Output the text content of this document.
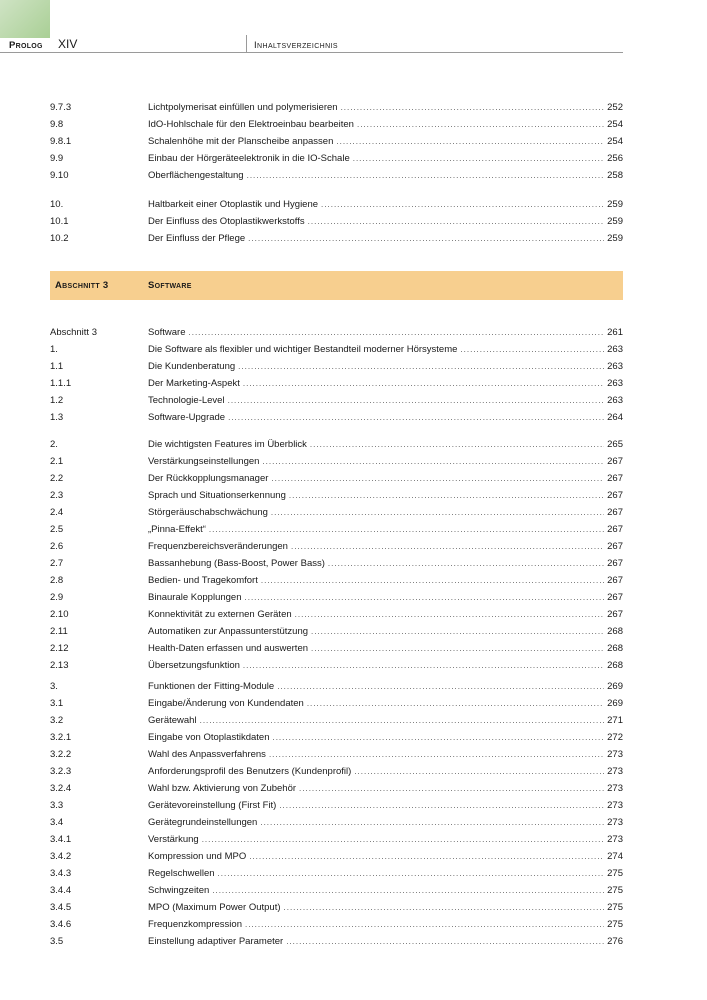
Prolog XIV	Inhaltsverzeichnis
9.7.3	Lichtpolymerisat einfüllen und polymerisieren .....	252
9.8	IdO-Hohlschale für den Elektroeinbau bearbeiten .....	254
9.8.1	Schalenhöhe mit der Planscheibe anpassen .....	254
9.9	Einbau der Hörgeräteelektronik in die IO-Schale .....	256
9.10	Oberflächengestaltung .....	258
10.	Haltbarkeit einer Otoplastik und Hygiene .....	259
10.1	Der Einfluss des Otoplastikwerkstoffs .....	259
10.2	Der Einfluss der Pflege .....	259
Abschnitt 3	Software
Abschnitt 3	Software .....	261
1.	Die Software als flexibler und wichtiger Bestandteil moderner Hörsysteme .....	263
1.1	Die Kundenberatung .....	263
1.1.1	Der Marketing-Aspekt .....	263
1.2	Technologie-Level .....	263
1.3	Software-Upgrade .....	264
2.	Die wichtigsten Features im Überblick .....	265
2.1	Verstärkungseinstellungen .....	267
2.2	Der Rückkopplungsmanager .....	267
2.3	Sprach und Situationserkennung .....	267
2.4	Störgeräuschabschwächung .....	267
2.5	„Pinna-Effekt“ .....	267
2.6	Frequenzbereichsveränderungen .....	267
2.7	Bassanhebung (Bass-Boost, Power Bass) .....	267
2.8	Bedien- und Tragekomfort .....	267
2.9	Binaurale Kopplungen .....	267
2.10	Konnektivität zu externen Geräten .....	267
2.11	Automatiken zur Anpassunterstützung .....	268
2.12	Health-Daten erfassen und auswerten .....	268
2.13	Übersetzungsfunktion .....	268
3.	Funktionen der Fitting-Module .....	269
3.1	Eingabe/Änderung von Kundendaten .....	269
3.2	Gerätewahl .....	271
3.2.1	Eingabe von Otoplastikdaten .....	272
3.2.2	Wahl des Anpassverfahrens .....	273
3.2.3	Anforderungsprofil des Benutzers (Kundenprofil) .....	273
3.2.4	Wahl bzw. Aktivierung von Zubehör .....	273
3.3	Gerätevoreinstellung (First Fit) .....	273
3.4	Gerätegrundeinstellungen .....	273
3.4.1	Verstärkung .....	273
3.4.2	Kompression und MPO .....	274
3.4.3	Regelschwellen .....	275
3.4.4	Schwingzeiten .....	275
3.4.5	MPO (Maximum Power Output) .....	275
3.4.6	Frequenzkompression .....	275
3.5	Einstellung adaptiver Parameter .....	276
